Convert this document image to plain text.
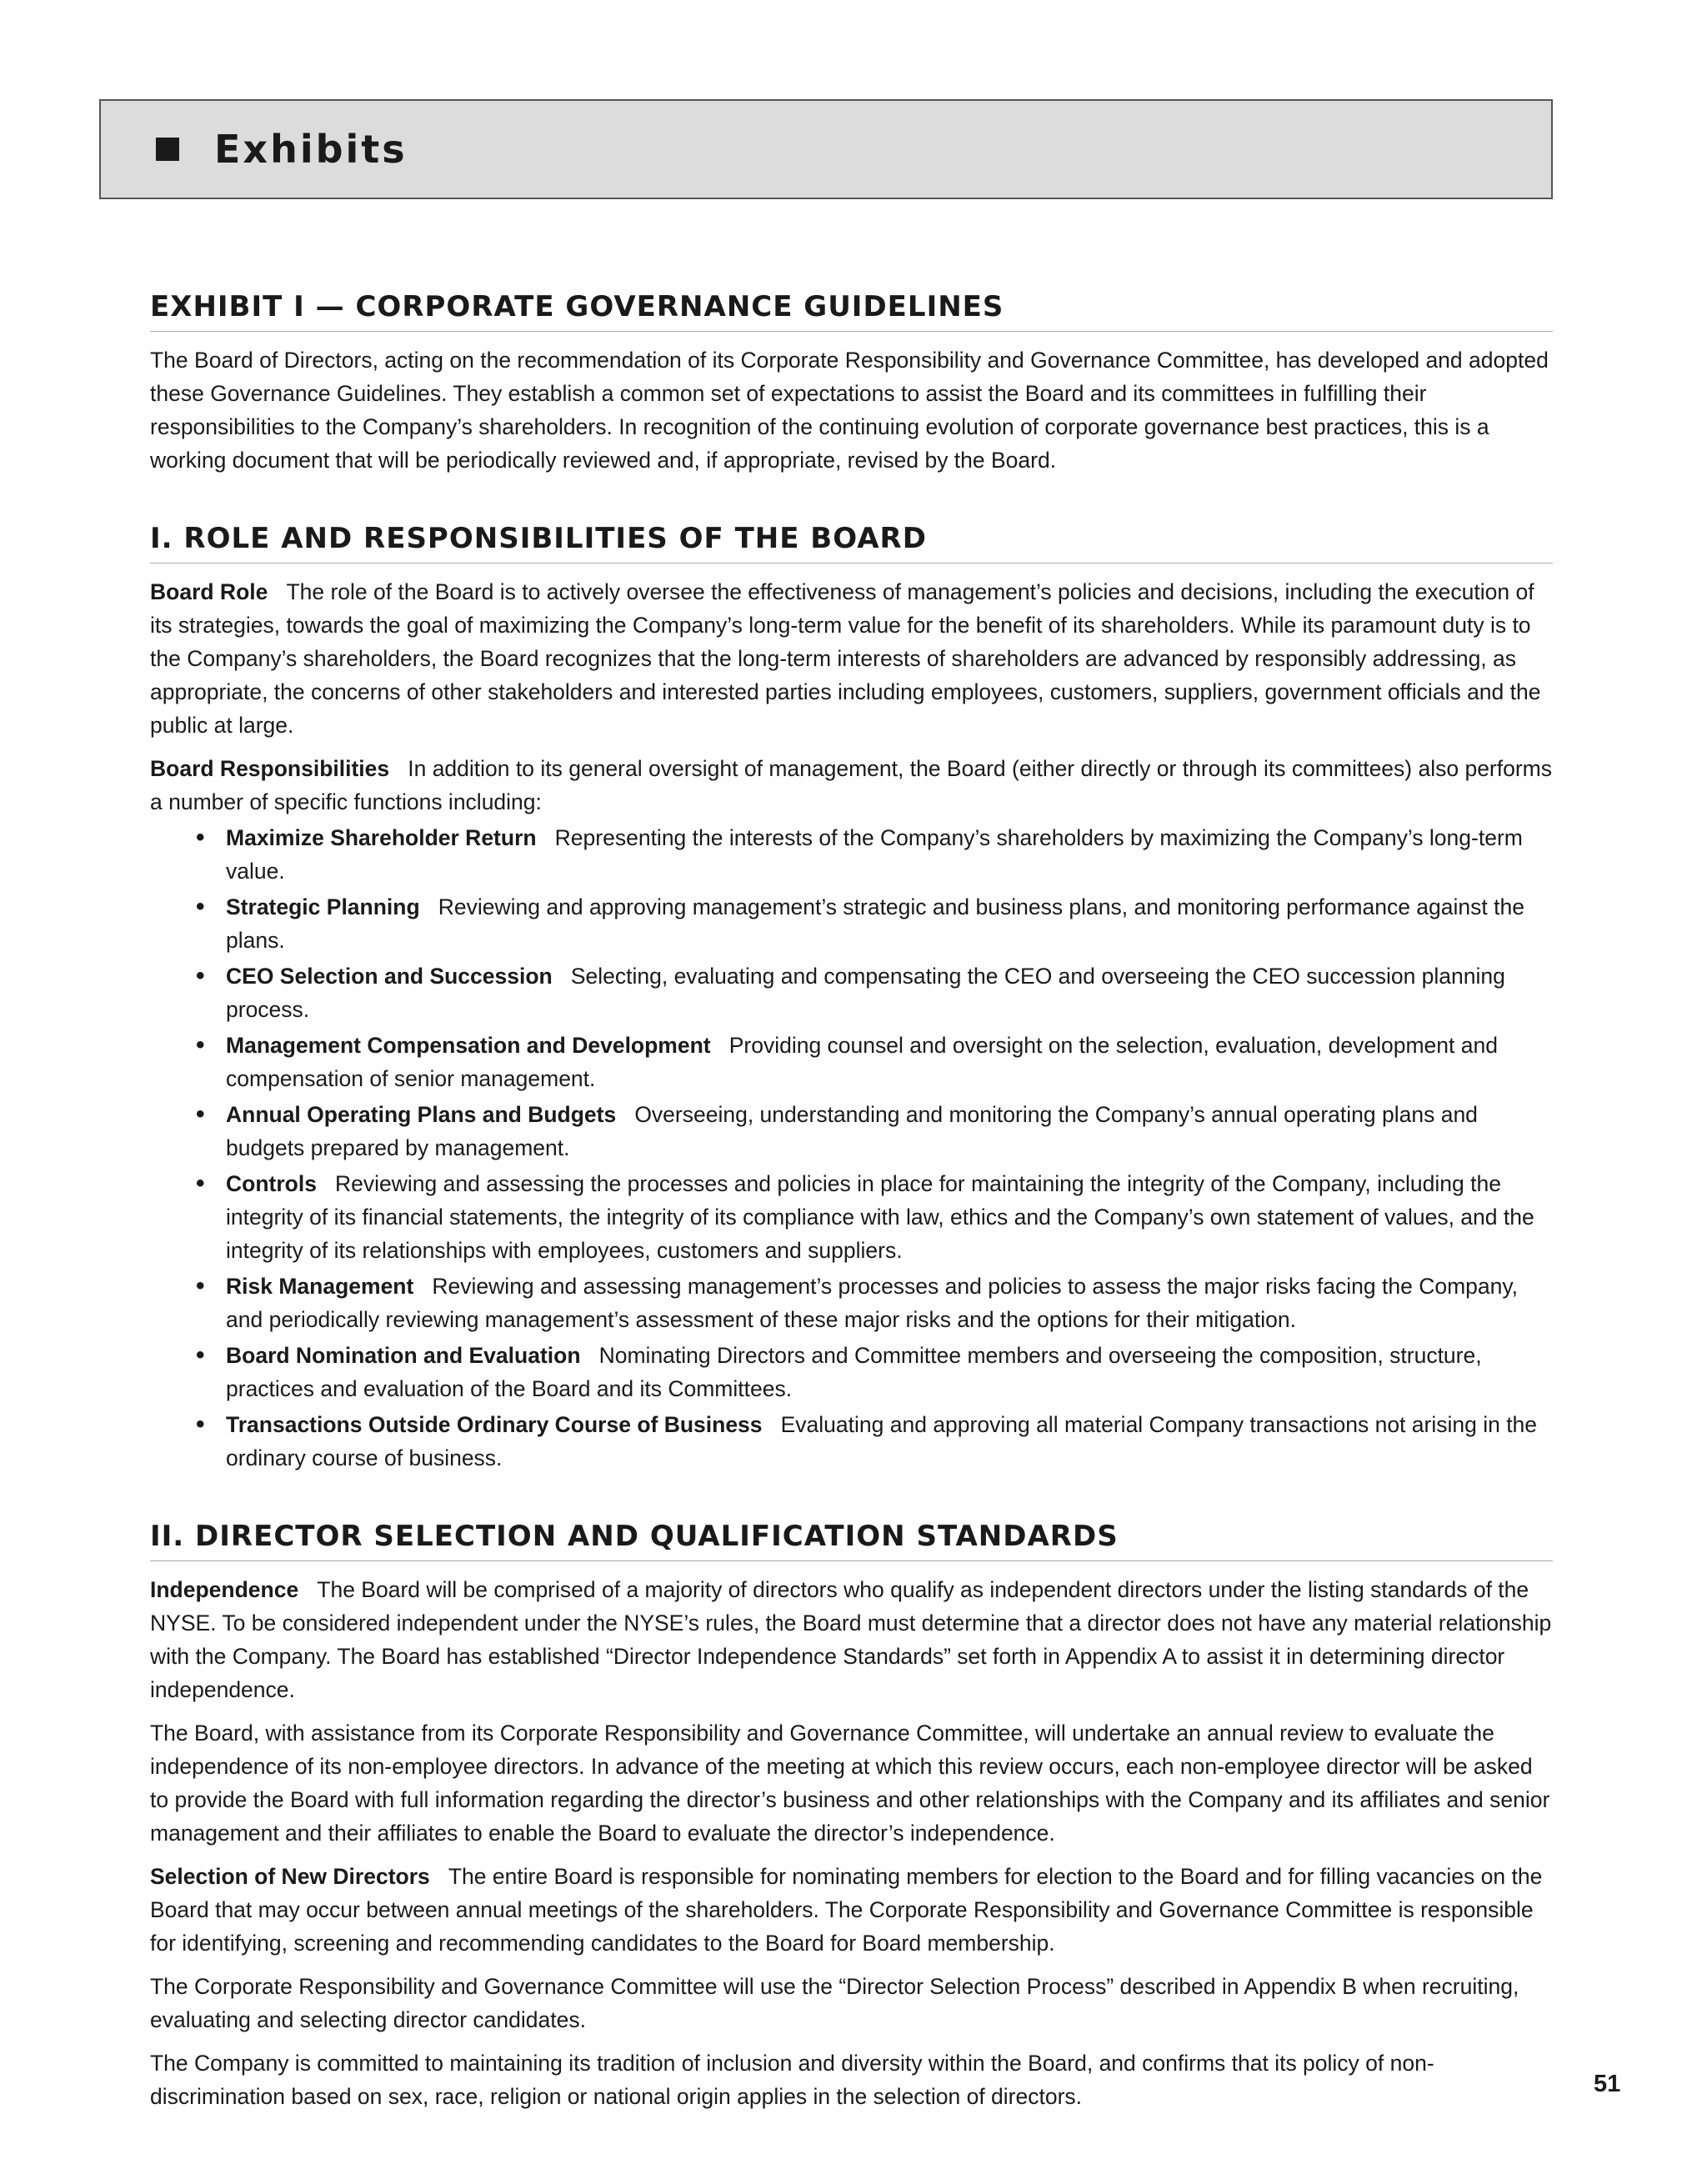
Exhibits
EXHIBIT I — CORPORATE GOVERNANCE GUIDELINES

The Board of Directors, acting on the recommendation of its Corporate Responsibility and Governance Committee, has developed and adopted these Governance Guidelines. They establish a common set of expectations to assist the Board and its committees in fulfilling their responsibilities to the Company’s shareholders. In recognition of the continuing evolution of corporate governance best practices, this is a working document that will be periodically reviewed and, if appropriate, revised by the Board.

I. ROLE AND RESPONSIBILITIES OF THE BOARD

Board Role The role of the Board is to actively oversee the effectiveness of management’s policies and decisions, including the execution of its strategies, towards the goal of maximizing the Company’s long-term value for the benefit of its shareholders. While its paramount duty is to the Company’s shareholders, the Board recognizes that the long-term interests of shareholders are advanced by responsibly addressing, as appropriate, the concerns of other stakeholders and interested parties including employees, customers, suppliers, government officials and the public at large.

Board Responsibilities In addition to its general oversight of management, the Board (either directly or through its committees) also performs a number of specific functions including:

• Maximize Shareholder Return Representing the interests of the Company’s shareholders by maximizing the Company’s long-term value.
• Strategic Planning Reviewing and approving management’s strategic and business plans, and monitoring performance against the plans.
• CEO Selection and Succession Selecting, evaluating and compensating the CEO and overseeing the CEO succession planning process.
• Management Compensation and Development Providing counsel and oversight on the selection, evaluation, development and compensation of senior management.
• Annual Operating Plans and Budgets Overseeing, understanding and monitoring the Company’s annual operating plans and budgets prepared by management.
• Controls Reviewing and assessing the processes and policies in place for maintaining the integrity of the Company, including the integrity of its financial statements, the integrity of its compliance with law, ethics and the Company’s own statement of values, and the integrity of its relationships with employees, customers and suppliers.
• Risk Management Reviewing and assessing management’s processes and policies to assess the major risks facing the Company, and periodically reviewing management’s assessment of these major risks and the options for their mitigation.
• Board Nomination and Evaluation Nominating Directors and Committee members and overseeing the composition, structure, practices and evaluation of the Board and its Committees.
• Transactions Outside Ordinary Course of Business Evaluating and approving all material Company transactions not arising in the ordinary course of business.
II. DIRECTOR SELECTION AND QUALIFICATION STANDARDS

Independence The Board will be comprised of a majority of directors who qualify as independent directors under the listing standards of the NYSE. To be considered independent under the NYSE’s rules, the Board must determine that a director does not have any material relationship with the Company. The Board has established “Director Independence Standards” set forth in Appendix A to assist it in determining director independence.

The Board, with assistance from its Corporate Responsibility and Governance Committee, will undertake an annual review to evaluate the independence of its non-employee directors. In advance of the meeting at which this review occurs, each non-employee director will be asked to provide the Board with full information regarding the director’s business and other relationships with the Company and its affiliates and senior management and their affiliates to enable the Board to evaluate the director’s independence.

Selection of New Directors The entire Board is responsible for nominating members for election to the Board and for filling vacancies on the Board that may occur between annual meetings of the shareholders. The Corporate Responsibility and Governance Committee is responsible for identifying, screening and recommending candidates to the Board for Board membership.

The Corporate Responsibility and Governance Committee will use the “Director Selection Process” described in Appendix B when recruiting, evaluating and selecting director candidates.

The Company is committed to maintaining its tradition of inclusion and diversity within the Board, and confirms that its policy of non-discrimination based on sex, race, religion or national origin applies in the selection of directors.	51
